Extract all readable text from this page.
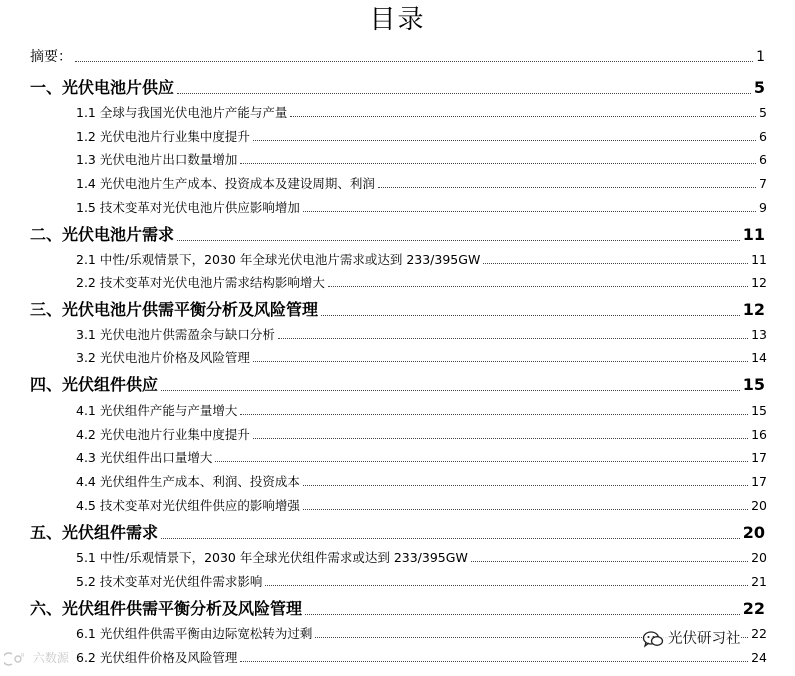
目录
摘要：	1
一、光伏电池片供应	5
1.1 全球与我国光伏电池片产能与产量	5
1.2 光伏电池片行业集中度提升	6
1.3 光伏电池片出口数量增加	6
1.4 光伏电池片生产成本、投资成本及建设周期、利润	7
1.5 技术变革对光伏电池片供应影响增加	9
二、光伏电池片需求	11
2.1 中性/乐观情景下，2030 年全球光伏电池片需求或达到 233/395GW	11
2.2 技术变革对光伏电池片需求结构影响增大	12
三、光伏电池片供需平衡分析及风险管理	12
3.1 光伏电池片供需盈余与缺口分析	13
3.2 光伏电池片价格及风险管理	14
四、光伏组件供应	15
4.1 光伏组件产能与产量增大	15
4.2 光伏电池片行业集中度提升	16
4.3 光伏组件出口量增大	17
4.4 光伏组件生产成本、利润、投资成本	17
4.5 技术变革对光伏组件供应的影响增强	20
五、光伏组件需求	20
5.1 中性/乐观情景下，2030 年全球光伏组件需求或达到 233/395GW	20
5.2 技术变革对光伏组件需求影响	21
六、光伏组件供需平衡分析及风险管理	22
6.1 光伏组件供需平衡由边际宽松转为过剩	22
6.2 光伏组件价格及风险管理	24
R 六数源
光伏研习社
